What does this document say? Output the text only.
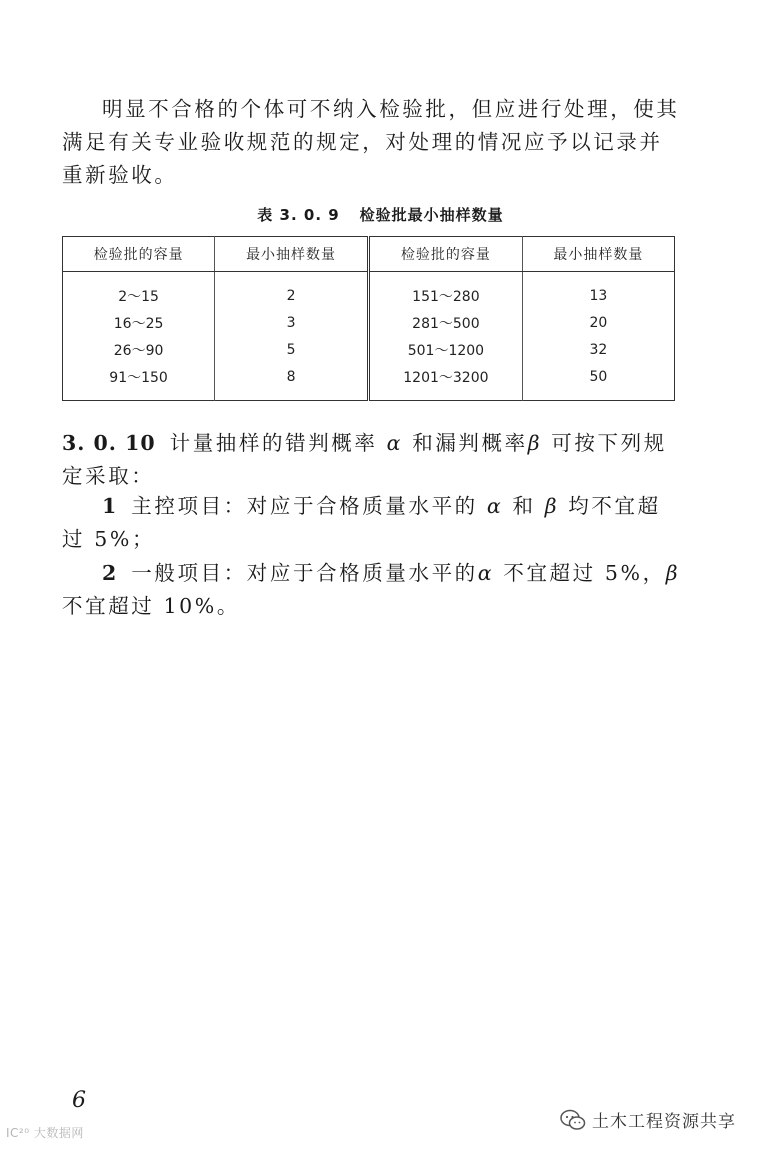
明显不合格的个体可不纳入检验批，但应进行处理，使其满足有关专业验收规范的规定，对处理的情况应予以记录并重新验收。

表 3. 0. 9 检验批最小抽样数量
检验批的容量	最小抽样数量	检验批的容量	最小抽样数量
2～15	2	151～280	13
16～25	3	281～500	20
26～90	5	501～1200	32
91～150	8	1201～3200	50

3. 0. 10 计量抽样的错判概率 α 和漏判概率β 可按下列规定采取：

1 主控项目：对应于合格质量水平的 α 和 β 均不宜超过 5%；

2 一般项目：对应于合格质量水平的α 不宜超过 5%，β不宜超过 10%。

6
IC²⁰ 大数据网
土木工程资源共享
